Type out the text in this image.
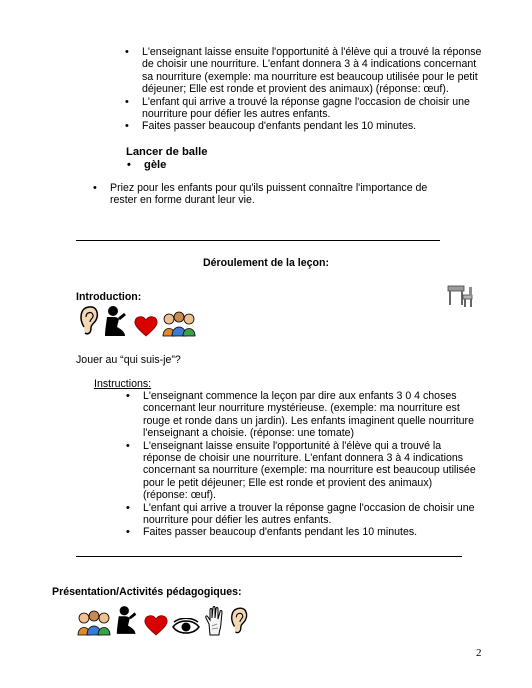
• L'enseignant laisse ensuite l'opportunité à l'élève qui a trouvé la réponse de choisir une nourriture. L'enfant donnera 3 à 4 indications concernant sa nourriture (exemple: ma nourriture est beaucoup utilisée pour le petit déjeuner; Elle est ronde et provient des animaux) (réponse: œuf).
• L'enfant qui arrive a trouvé la réponse gagne l'occasion de choisir une nourriture pour défier les autres enfants.
• Faites passer beaucoup d'enfants pendant les 10 minutes.
Lancer de balle
• gèle
• Priez pour les enfants pour qu'ils puissent connaître l'importance de rester en forme durant leur vie.
Déroulement de la leçon:
Introduction:
Jouer au “qui suis-je”?
Instructions:
• L'enseignant commence la leçon par dire aux enfants 3 0 4 choses concernant leur nourriture mystérieuse. (exemple: ma nourriture est rouge et ronde dans un jardin). Les enfants imaginent quelle nourriture l'enseignant a choisie. (réponse: une tomate)
• L'enseignant laisse ensuite l'opportunité à l'élève qui a trouvé la réponse de choisir une nourriture. L'enfant donnera 3 à 4 indications concernant sa nourriture (exemple: ma nourriture est beaucoup utilisée pour le petit déjeuner; Elle est ronde et provient des animaux) (réponse: œuf).
• L'enfant qui arrive a trouver la réponse gagne l'occasion de choisir une nourriture pour défier les autres enfants.
• Faites passer beaucoup d'enfants pendant les 10 minutes.
Présentation/Activités pédagogiques:
2
